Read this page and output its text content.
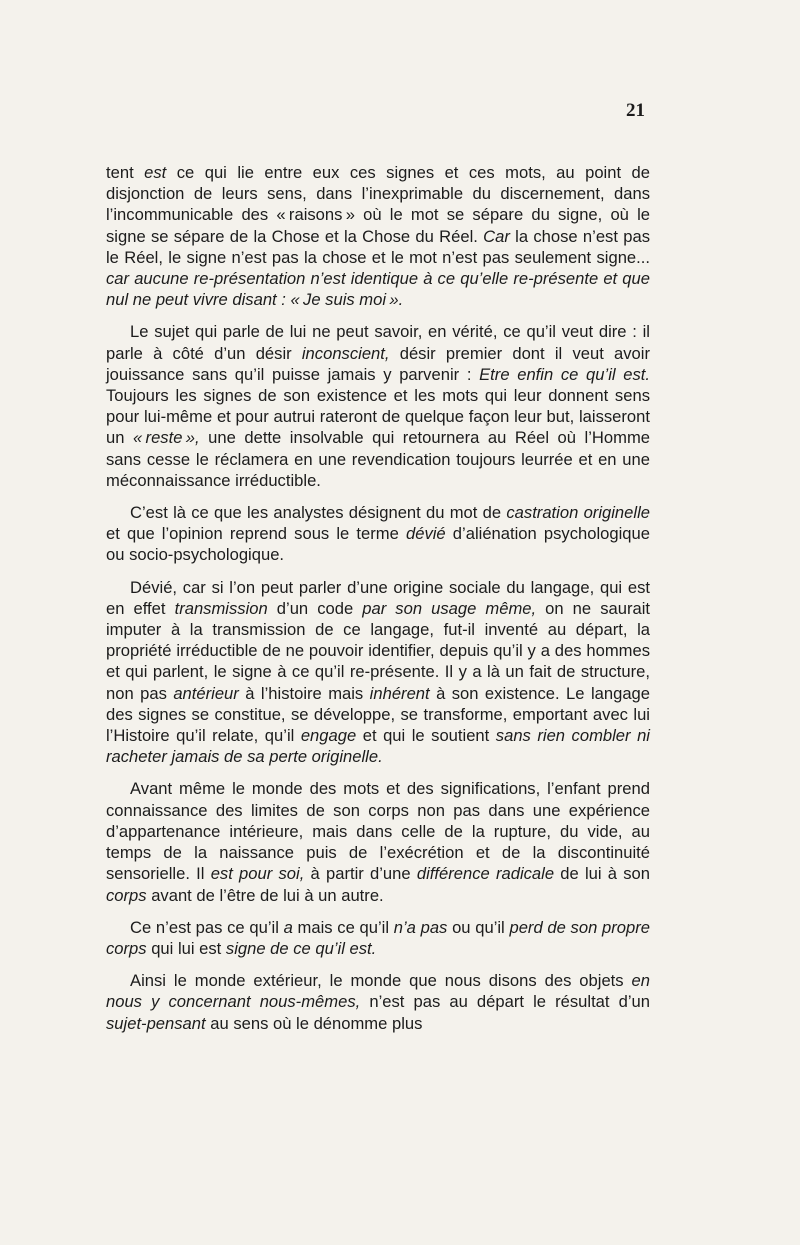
21

tent est ce qui lie entre eux ces signes et ces mots, au point de disjonction de leurs sens, dans l’inexprimable du discernement, dans l’incommunicable des « raisons » où le mot se sépare du signe, où le signe se sépare de la Chose et la Chose du Réel. Car la chose n’est pas le Réel, le signe n’est pas la chose et le mot n’est pas seulement signe... car aucune re-présentation n’est identique à ce qu’elle re-présente et que nul ne peut vivre disant : « Je suis moi ».

Le sujet qui parle de lui ne peut savoir, en vérité, ce qu’il veut dire : il parle à côté d’un désir inconscient, désir premier dont il veut avoir jouissance sans qu’il puisse jamais y parvenir : Etre enfin ce qu’il est. Toujours les signes de son existence et les mots qui leur donnent sens pour lui-même et pour autrui rateront de quelque façon leur but, laisseront un « reste », une dette insolvable qui retournera au Réel où l’Homme sans cesse le réclamera en une revendication toujours leurrée et en une méconnaissance irréductible.

C’est là ce que les analystes désignent du mot de castration originelle et que l’opinion reprend sous le terme dévié d’aliénation psychologique ou socio-psychologique.

Dévié, car si l’on peut parler d’une origine sociale du langage, qui est en effet transmission d’un code par son usage même, on ne saurait imputer à la transmission de ce langage, fut-il inventé au départ, la propriété irréductible de ne pouvoir identifier, depuis qu’il y a des hommes et qui parlent, le signe à ce qu’il re-présente. Il y a là un fait de structure, non pas antérieur à l’histoire mais inhérent à son existence. Le langage des signes se constitue, se développe, se transforme, emportant avec lui l’Histoire qu’il relate, qu’il engage et qui le soutient sans rien combler ni racheter jamais de sa perte originelle.

Avant même le monde des mots et des significations, l’enfant prend connaissance des limites de son corps non pas dans une expérience d’appartenance intérieure, mais dans celle de la rupture, du vide, au temps de la naissance puis de l’exécrétion et de la discontinuité sensorielle. Il est pour soi, à partir d’une différence radicale de lui à son corps avant de l’être de lui à un autre.

Ce n’est pas ce qu’il a mais ce qu’il n’a pas ou qu’il perd de son propre corps qui lui est signe de ce qu’il est.

Ainsi le monde extérieur, le monde que nous disons des objets en nous y concernant nous-mêmes, n’est pas au départ le résultat d’un sujet-pensant au sens où le dénomme plus
